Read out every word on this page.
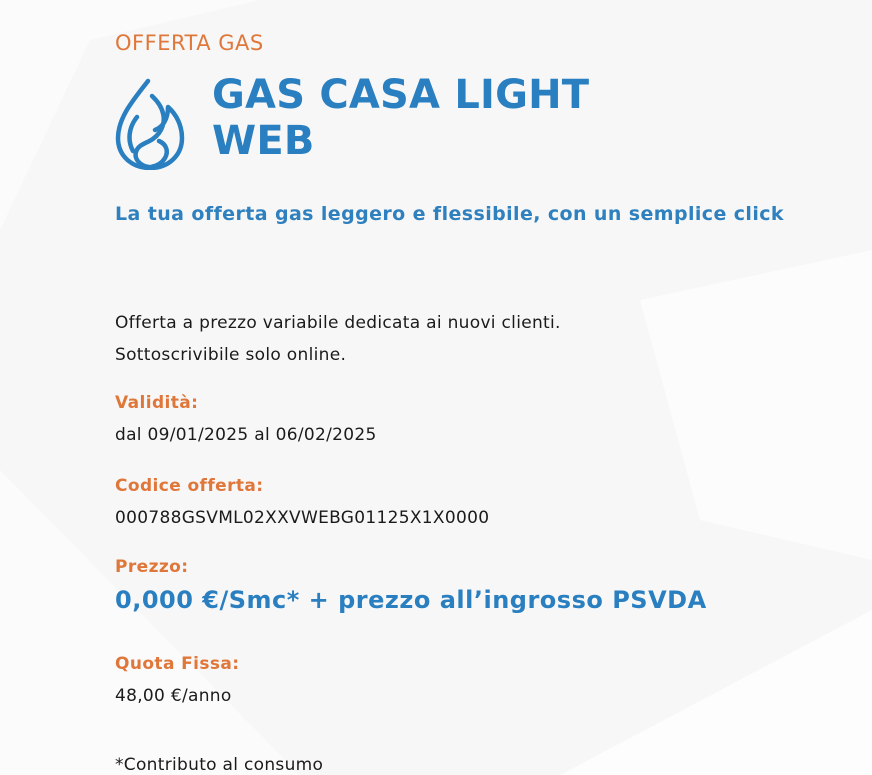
OFFERTA GAS
GAS CASA LIGHT
WEB

La tua offerta gas leggero e flessibile, con un semplice click

Offerta a prezzo variabile dedicata ai nuovi clienti.
Sottoscrivibile solo online.

Validità:
dal 09/01/2025 al 06/02/2025
Codice offerta:
000788GSVML02XXVWEBG01125X1X0000
Prezzo:
0,000 €/Smc* + prezzo all’ingrosso PSVDA
Quota Fissa:
48,00 €/anno
*Contributo al consumo
